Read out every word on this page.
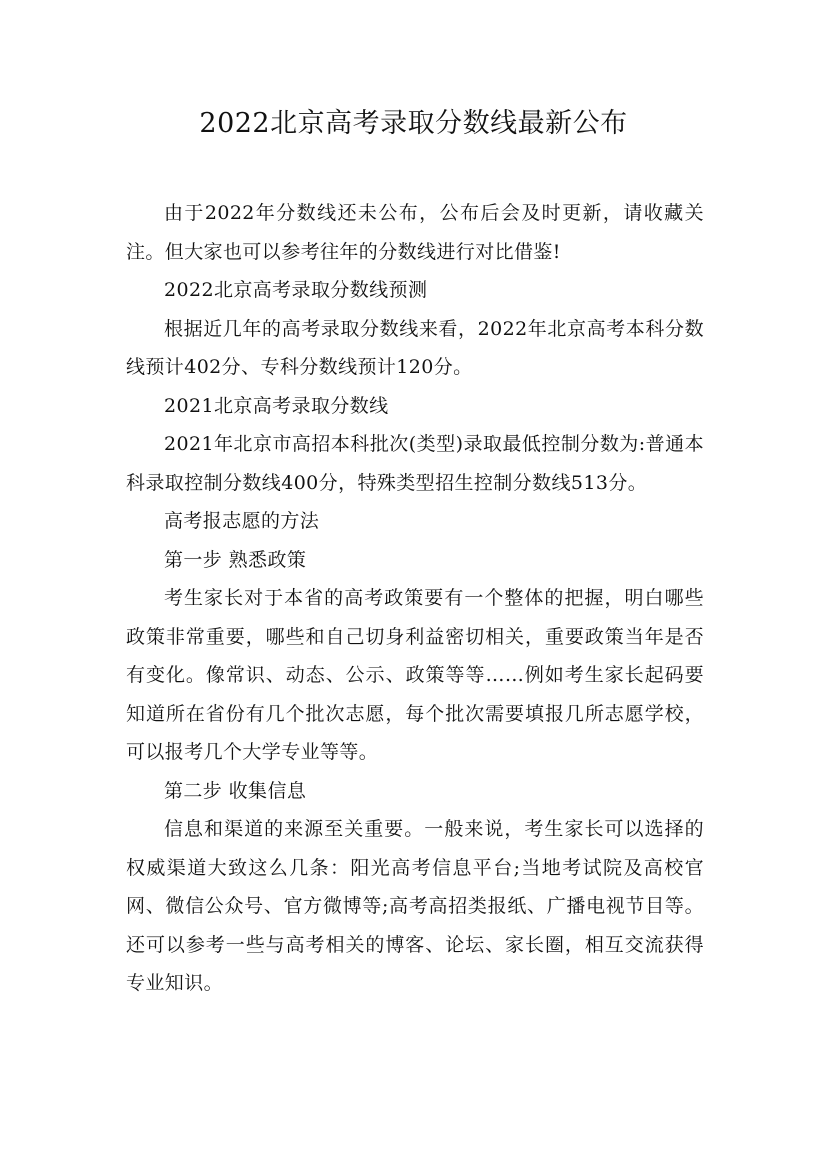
2022北京高考录取分数线最新公布

由于2022年分数线还未公布，公布后会及时更新，请收藏关注。但大家也可以参考往年的分数线进行对比借鉴!

2022北京高考录取分数线预测

根据近几年的高考录取分数线来看，2022年北京高考本科分数线预计402分、专科分数线预计120分。

2021北京高考录取分数线

2021年北京市高招本科批次(类型)录取最低控制分数为:普通本科录取控制分数线400分，特殊类型招生控制分数线513分。

高考报志愿的方法

第一步 熟悉政策

考生家长对于本省的高考政策要有一个整体的把握，明白哪些政策非常重要，哪些和自己切身利益密切相关，重要政策当年是否有变化。像常识、动态、公示、政策等等……例如考生家长起码要知道所在省份有几个批次志愿，每个批次需要填报几所志愿学校，可以报考几个大学专业等等。

第二步 收集信息

信息和渠道的来源至关重要。一般来说，考生家长可以选择的权威渠道大致这么几条：阳光高考信息平台;当地考试院及高校官网、微信公众号、官方微博等;高考高招类报纸、广播电视节目等。还可以参考一些与高考相关的博客、论坛、家长圈，相互交流获得专业知识。
